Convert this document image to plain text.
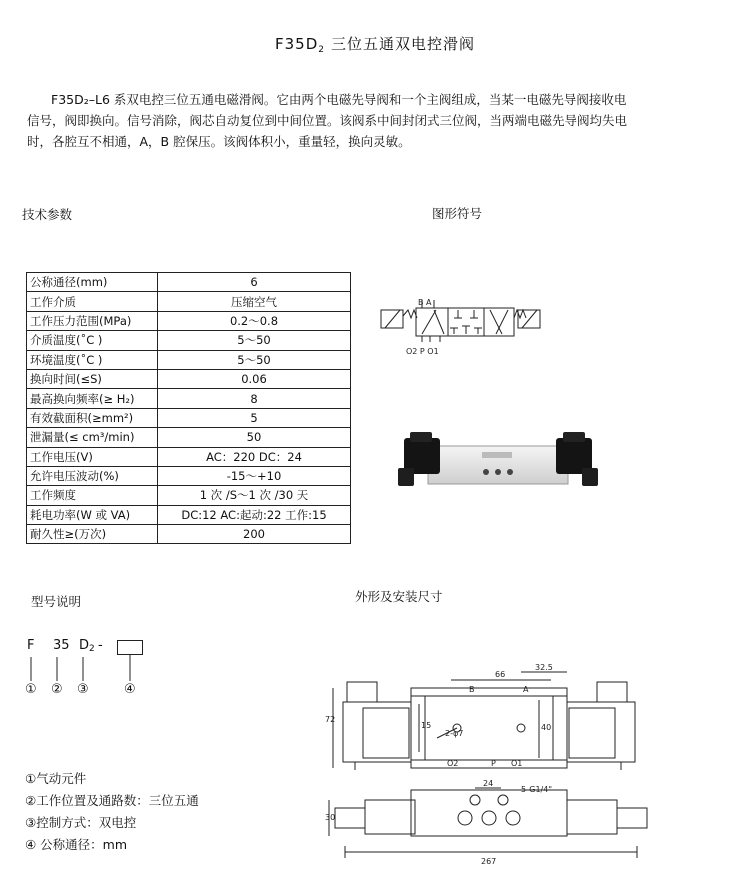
$F35D_2$ 三位五通双电控滑阀

F35D₂–L6 系双电控三位五通电磁滑阀。它由两个电磁先导阀和一个主阀组成，当某一电磁先导阀接收电

信号，阀即换向。信号消除，阀芯自动复位到中间位置。该阀系中间封闭式三位阀，当两端电磁先导阀均失电

时，各腔互不相通，A，B 腔保压。该阀体积小，重量轻，换向灵敏。

技术参数	图形符号
型号说明	外形及安装尺寸
公称通径(mm)	6
工作介质	压缩空气
工作压力范围(MPa)	0.2～0.8
介质温度(˚C )	5～50
环境温度(˚C )	5～50
换向时间(≤S)	0.06
最高换向频率(≥ H₂)	8
有效截面积(≥mm²)	5
泄漏量(≤ cm³/min)	50
工作电压(V)	AC：220 DC：24
允许电压波动(%)	-15～+10
工作频度	1 次 /S～1 次 /30 天
耗电功率(W 或 VA)	DC:12 AC:起动:22 工作:15
耐久性≥(万次)	200
B A
O2 P O1
F 35 D 2 -
① ② ③	④
①气动元件
②工作位置及通路数：三位五通
③控制方式：双电控
④ 公称通径：mm
66
32.5
72
15	40
2-φ7
B	A
P
O2	O1
24
5-G1/4"
30
267
